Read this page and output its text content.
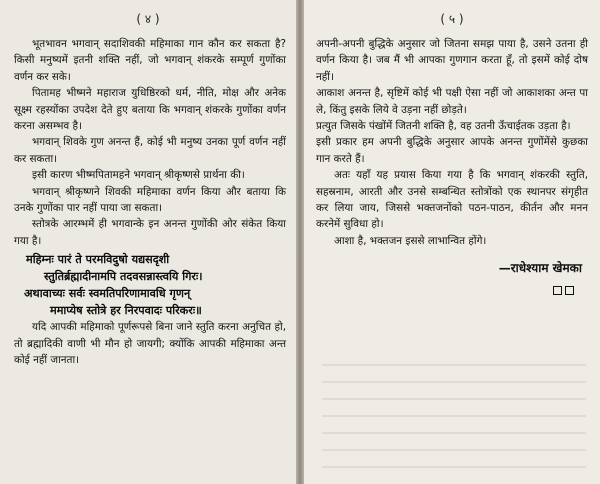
( ४ )

भूतभावन भगवान् सदाशिवकी महिमाका गान कौन कर सकता है? किसी मनुष्यमें इतनी शक्ति नहीं, जो भगवान् शंकरके सम्पूर्ण गुणोंका वर्णन कर सके।

पितामह भीष्मने महाराज युधिष्ठिरको धर्म, नीति, मोक्ष और अनेक सूक्ष्म रहस्योंका उपदेश देते हुए बताया कि भगवान् शंकरके गुणोंका वर्णन करना असम्भव है।

भगवान् शिवके गुण अनन्त हैं, कोई भी मनुष्य उनका पूर्ण वर्णन नहीं कर सकता।

इसी कारण भीष्मपितामहने भगवान् श्रीकृष्णसे प्रार्थना की।

भगवान् श्रीकृष्णने शिवकी महिमाका वर्णन किया और बताया कि उनके गुणोंका पार नहीं पाया जा सकता।

स्तोत्रके आरम्भमें ही भगवान्के इन अनन्त गुणोंकी ओर संकेत किया गया है।

महिम्नः पारं ते परमविदुषो यद्यसदृशी
स्तुतिर्ब्रह्मादीनामपि तदवसन्नास्त्वयि गिरः।
अथावाच्यः सर्वः स्वमतिपरिणामावधि गृणन्
ममाप्येष स्तोत्रे हर निरपवादः परिकरः॥

यदि आपकी महिमाको पूर्णरूपसे बिना जाने स्तुति करना अनुचित हो, तो ब्रह्मादिकी वाणी भी मौन हो जायगी; क्योंकि आपकी महिमाका अन्त कोई नहीं जानता।

( ५ )

अपनी-अपनी बुद्धिके अनुसार जो जितना समझ पाया है, उसने उतना ही वर्णन किया है। जब मैं भी आपका गुणगान करता हूँ, तो इसमें कोई दोष नहीं।

आकाश अनन्त है, सृष्टिमें कोई भी पक्षी ऐसा नहीं जो आकाशका अन्त पा ले, किंतु इसके लिये वे उड़ना नहीं छोड़ते।

प्रत्युत जिसके पंखोंमें जितनी शक्ति है, वह उतनी ऊँचाईतक उड़ता है।

इसी प्रकार हम अपनी बुद्धिके अनुसार आपके अनन्त गुणोंमेंसे कुछका गान करते हैं।

अतः यहाँ यह प्रयास किया गया है कि भगवान् शंकरकी स्तुति, सहस्रनाम, आरती और उनसे सम्बन्धित स्तोत्रोंको एक स्थानपर संगृहीत कर लिया जाय, जिससे भक्तजनोंको पठन-पाठन, कीर्तन और मनन करनेमें सुविधा हो।

आशा है, भक्तजन इससे लाभान्वित होंगे।

—राधेश्याम खेमका
